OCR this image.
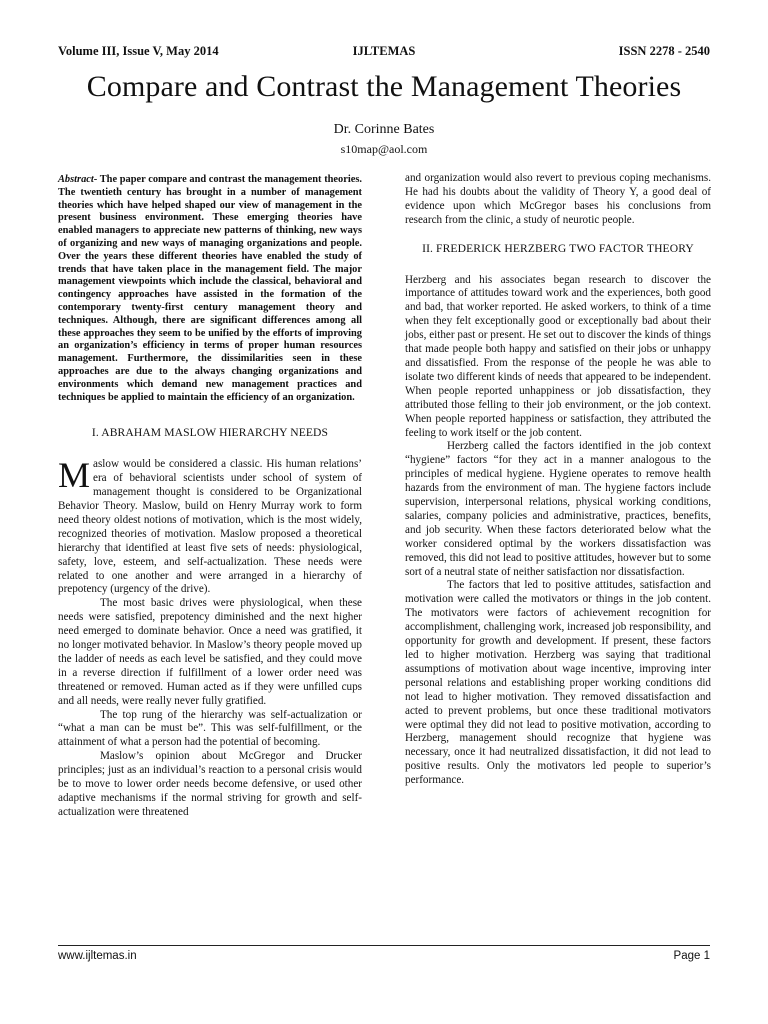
Volume III, Issue V, May 2014	IJLTEMAS	ISSN 2278 - 2540
Compare and Contrast the Management Theories
Dr. Corinne Bates
s10map@aol.com
Abstract- The paper compare and contrast the management theories. The twentieth century has brought in a number of management theories which have helped shaped our view of management in the present business environment. These emerging theories have enabled managers to appreciate new patterns of thinking, new ways of organizing and new ways of managing organizations and people. Over the years these different theories have enabled the study of trends that have taken place in the management field. The major management viewpoints which include the classical, behavioral and contingency approaches have assisted in the formation of the contemporary twenty-first century management theory and techniques. Although, there are significant differences among all these approaches they seem to be unified by the efforts of improving an organization’s efficiency in terms of proper human resources management. Furthermore, the dissimilarities seen in these approaches are due to the always changing organizations and environments which demand new management practices and techniques be applied to maintain the efficiency of an organization.
I. ABRAHAM MASLOW HIERARCHY NEEDS

Maslow would be considered a classic. His human relations’ era of behavioral scientists under school of system of management thought is considered to be Organizational Behavior Theory. Maslow, build on Henry Murray work to form need theory oldest notions of motivation, which is the most widely, recognized theories of motivation. Maslow proposed a theoretical hierarchy that identified at least five sets of needs: physiological, safety, love, esteem, and self-actualization. These needs were related to one another and were arranged in a hierarchy of prepotency (urgency of the drive).

The most basic drives were physiological, when these needs were satisfied, prepotency diminished and the next higher need emerged to dominate behavior. Once a need was gratified, it no longer motivated behavior. In Maslow’s theory people moved up the ladder of needs as each level be satisfied, and they could move in a reverse direction if fulfillment of a lower order need was threatened or removed. Human acted as if they were unfilled cups and all needs, were really never fully gratified.

The top rung of the hierarchy was self-actualization or “what a man can be must be”. This was self-fulfillment, or the attainment of what a person had the potential of becoming.

Maslow’s opinion about McGregor and Drucker principles; just as an individual’s reaction to a personal crisis would be to move to lower order needs become defensive, or used other adaptive mechanisms if the normal striving for growth and self-actualization were threatened

and organization would also revert to previous coping mechanisms. He had his doubts about the validity of Theory Y, a good deal of evidence upon which McGregor bases his conclusions from research from the clinic, a study of neurotic people.

II. FREDERICK HERZBERG TWO FACTOR THEORY

Herzberg and his associates began research to discover the importance of attitudes toward work and the experiences, both good and bad, that worker reported. He asked workers, to think of a time when they felt exceptionally good or exceptionally bad about their jobs, either past or present. He set out to discover the kinds of things that made people both happy and satisfied on their jobs or unhappy and dissatisfied. From the response of the people he was able to isolate two different kinds of needs that appeared to be independent. When people reported unhappiness or job dissatisfaction, they attributed those felling to their job environment, or the job context. When people reported happiness or satisfaction, they attributed the feeling to work itself or the job content.

Herzberg called the factors identified in the job context “hygiene” factors “for they act in a manner analogous to the principles of medical hygiene. Hygiene operates to remove health hazards from the environment of man. The hygiene factors include supervision, interpersonal relations, physical working conditions, salaries, company policies and administrative, practices, benefits, and job security. When these factors deteriorated below what the worker considered optimal by the workers dissatisfaction was removed, this did not lead to positive attitudes, however but to some sort of a neutral state of neither satisfaction nor dissatisfaction.

The factors that led to positive attitudes, satisfaction and motivation were called the motivators or things in the job content. The motivators were factors of achievement recognition for accomplishment, challenging work, increased job responsibility, and opportunity for growth and development. If present, these factors led to higher motivation. Herzberg was saying that traditional assumptions of motivation about wage incentive, improving inter personal relations and establishing proper working conditions did not lead to higher motivation. They removed dissatisfaction and acted to prevent problems, but once these traditional motivators were optimal they did not lead to positive motivation, according to Herzberg, management should recognize that hygiene was necessary, once it had neutralized dissatisfaction, it did not lead to positive results. Only the motivators led people to superior’s performance.

www.ijltemas.in	Page 1
